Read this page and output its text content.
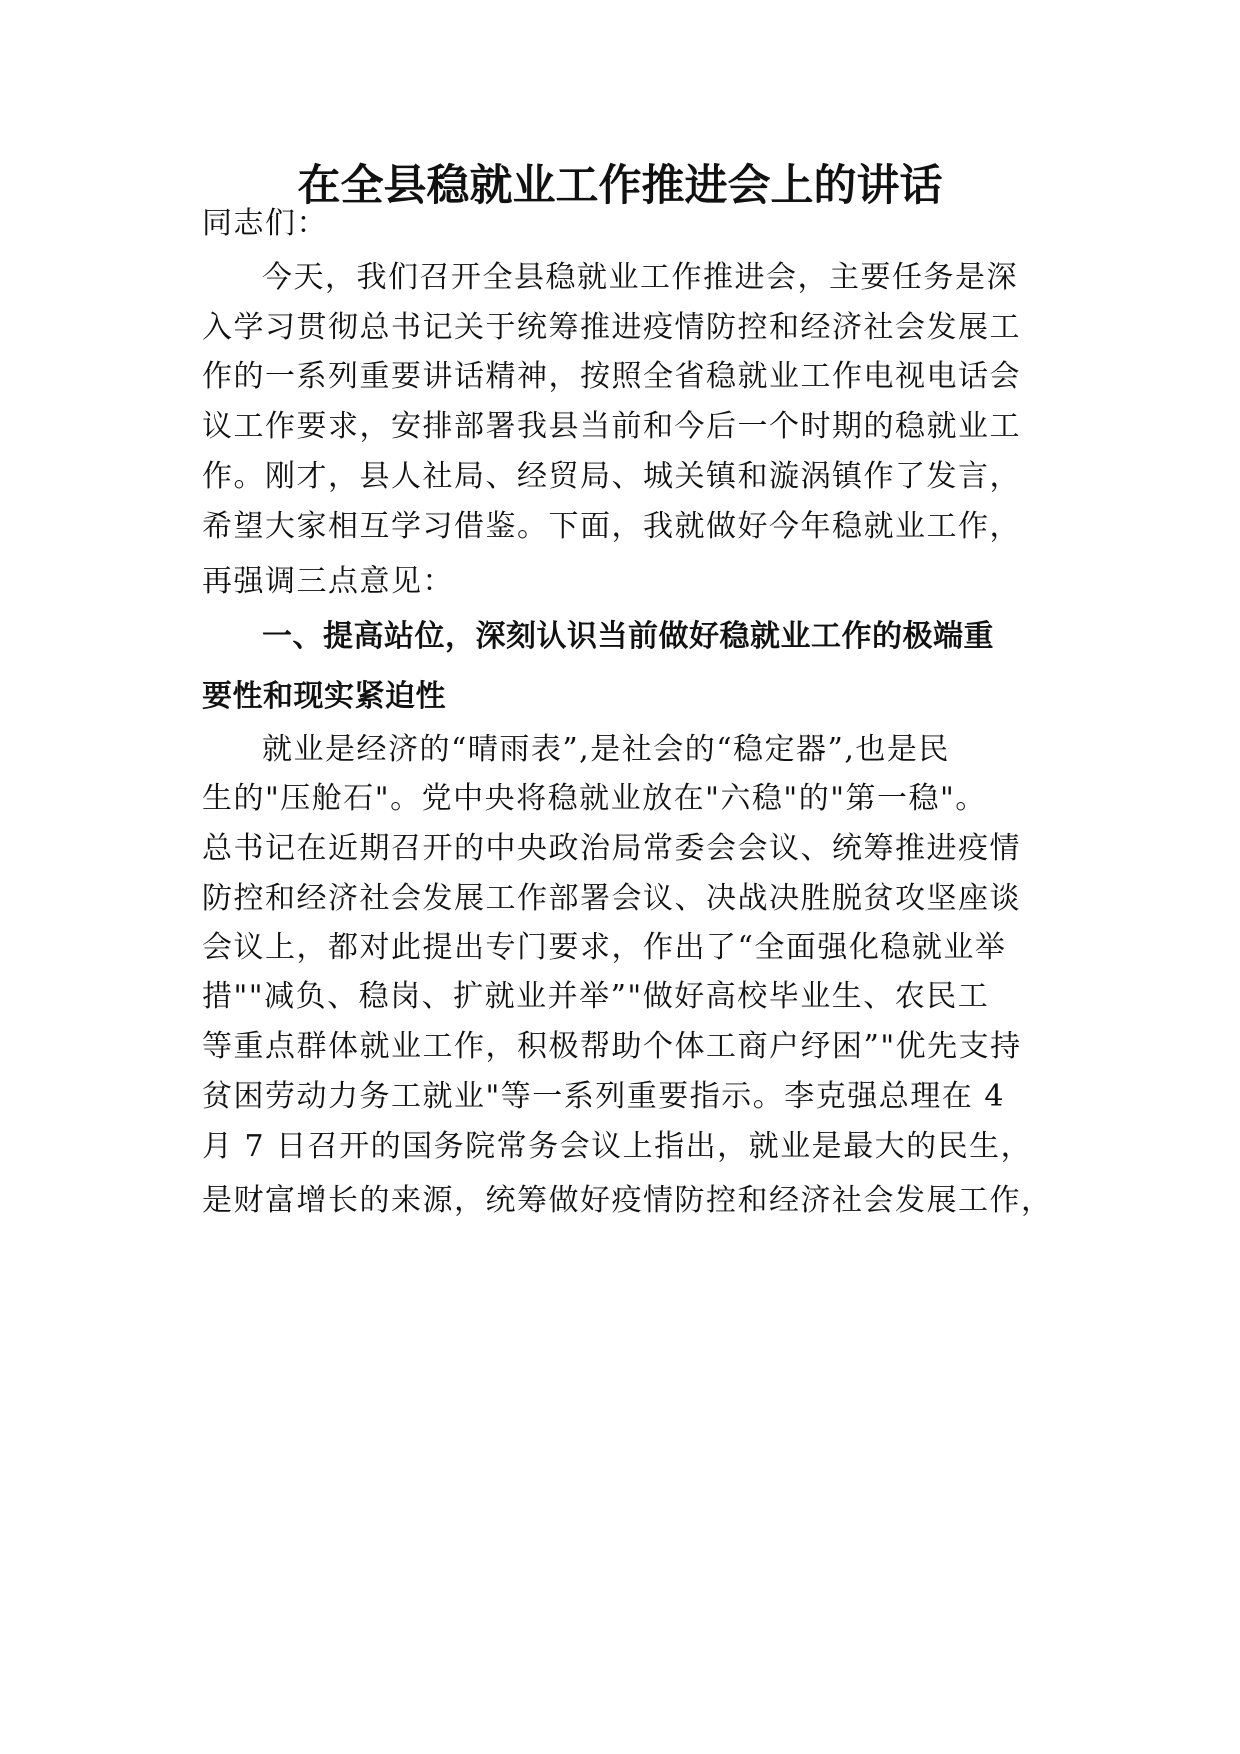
在全县稳就业工作推进会上的讲话

同志们：

今天，我们召开全县稳就业工作推进会，主要任务是深

入学习贯彻总书记关于统筹推进疫情防控和经济社会发展工

作的一系列重要讲话精神，按照全省稳就业工作电视电话会

议工作要求，安排部署我县当前和今后一个时期的稳就业工

作。刚才，县人社局、经贸局、城关镇和漩涡镇作了发言，

希望大家相互学习借鉴。下面，我就做好今年稳就业工作，

再强调三点意见：

一、提高站位，深刻认识当前做好稳就业工作的极端重

要性和现实紧迫性

就业是经济的“晴雨表”,是社会的“稳定器”,也是民

生的"压舱石"。党中央将稳就业放在"六稳"的"第一稳"。

总书记在近期召开的中央政治局常委会会议、统筹推进疫情

防控和经济社会发展工作部署会议、决战决胜脱贫攻坚座谈

会议上，都对此提出专门要求，作出了“全面强化稳就业举

措""减负、稳岗、扩就业并举”"做好高校毕业生、农民工

等重点群体就业工作，积极帮助个体工商户纾困”"优先支持

贫困劳动力务工就业"等一系列重要指示。李克强总理在 4

月 7 日召开的国务院常务会议上指出，就业是最大的民生，

是财富增长的来源，统筹做好疫情防控和经济社会发展工作，
